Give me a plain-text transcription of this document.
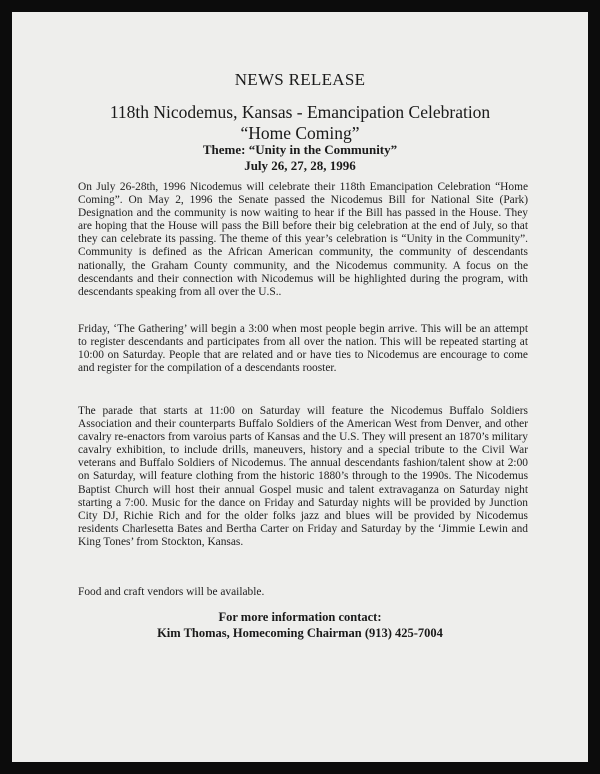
NEWS RELEASE
118th Nicodemus, Kansas - Emancipation Celebration
“Home Coming”
Theme: “Unity in the Community”
July 26, 27, 28, 1996

On July 26-28th, 1996 Nicodemus will celebrate their 118th Emancipation Celebration “Home Coming”. On May 2, 1996 the Senate passed the Nicodemus Bill for National Site (Park) Designation and the community is now waiting to hear if the Bill has passed in the House. They are hoping that the House will pass the Bill before their big celebration at the end of July, so that they can celebrate its passing. The theme of this year’s celebration is “Unity in the Community”. Community is defined as the African American community, the community of descendants nationally, the Graham County community, and the Nicodemus community. A focus on the descendants and their connection with Nicodemus will be highlighted during the program, with descendants speaking from all over the U.S..

Friday, ‘The Gathering’ will begin a 3:00 when most people begin arrive. This will be an attempt to register descendants and participates from all over the nation. This will be repeated starting at 10:00 on Saturday. People that are related and or have ties to Nicodemus are encourage to come and register for the compilation of a descendants rooster.

The parade that starts at 11:00 on Saturday will feature the Nicodemus Buffalo Soldiers Association and their counterparts Buffalo Soldiers of the American West from Denver, and other cavalry re-enactors from varoius parts of Kansas and the U.S. They will present an 1870’s military cavalry exhibition, to include drills, maneuvers, history and a special tribute to the Civil War veterans and Buffalo Soldiers of Nicodemus. The annual descendants fashion/talent show at 2:00 on Saturday, will feature clothing from the historic 1880’s through to the 1990s. The Nicodemus Baptist Church will host their annual Gospel music and talent extravaganza on Saturday night starting a 7:00. Music for the dance on Friday and Saturday nights will be provided by Junction City DJ, Richie Rich and for the older folks jazz and blues will be provided by Nicodemus residents Charlesetta Bates and Bertha Carter on Friday and Saturday by the ‘Jimmie Lewin and King Tones’ from Stockton, Kansas.

Food and craft vendors will be available.

For more information contact:
Kim Thomas, Homecoming Chairman (913) 425-7004
